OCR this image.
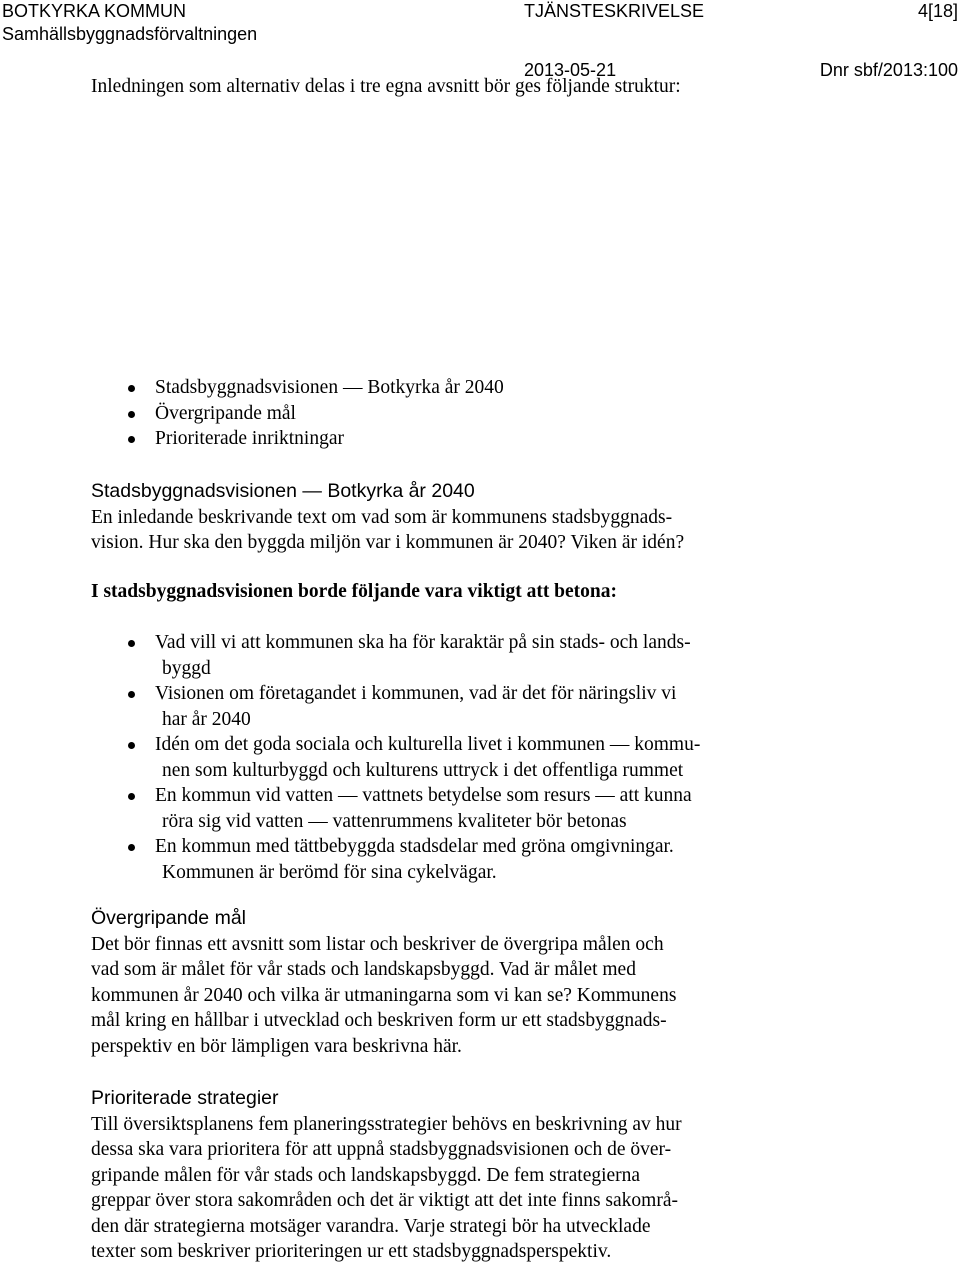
BOTKYRKA KOMMUN
Samhällsbyggnadsförvaltningen
TJÄNSTESKRIVELSE	4[18]
2013-05-21	Dnr sbf/2013:100
Inledningen som alternativ delas i tre egna avsnitt bör ges följande struktur:
Stadsbyggnadsvisionen — Botkyrka år 2040
Övergripande mål
Prioriterade inriktningar
Stadsbyggnadsvisionen — Botkyrka år 2040
En inledande beskrivande text om vad som är kommunens stadsbyggnads-
vision. Hur ska den byggda miljön var i kommunen är 2040? Viken är idén?
I stadsbyggnadsvisionen borde följande vara viktigt att betona:
Vad vill vi att kommunen ska ha för karaktär på sin stads- och lands-
byggd
Visionen om företagandet i kommunen, vad är det för näringsliv vi
har år 2040
Idén om det goda sociala och kulturella livet i kommunen — kommu-
nen som kulturbyggd och kulturens uttryck i det offentliga rummet
En kommun vid vatten — vattnets betydelse som resurs — att kunna
röra sig vid vatten — vattenrummens kvaliteter bör betonas
En kommun med tättbebyggda stadsdelar med gröna omgivningar.
Kommunen är berömd för sina cykelvägar.
Övergripande mål
Det bör finnas ett avsnitt som listar och beskriver de övergripa målen och
vad som är målet för vår stads och landskapsbyggd. Vad är målet med
kommunen år 2040 och vilka är utmaningarna som vi kan se? Kommunens
mål kring en hållbar i utvecklad och beskriven form ur ett stadsbyggnads-
perspektiv en bör lämpligen vara beskrivna här.
Prioriterade strategier
Till översiktsplanens fem planeringsstrategier behövs en beskrivning av hur
dessa ska vara prioritera för att uppnå stadsbyggnadsvisionen och de över-
gripande målen för vår stads och landskapsbyggd. De fem strategierna
greppar över stora sakområden och det är viktigt att det inte finns sakområ-
den där strategierna motsäger varandra. Varje strategi bör ha utvecklade
texter som beskriver prioriteringen ur ett stadsbyggnadsperspektiv.
